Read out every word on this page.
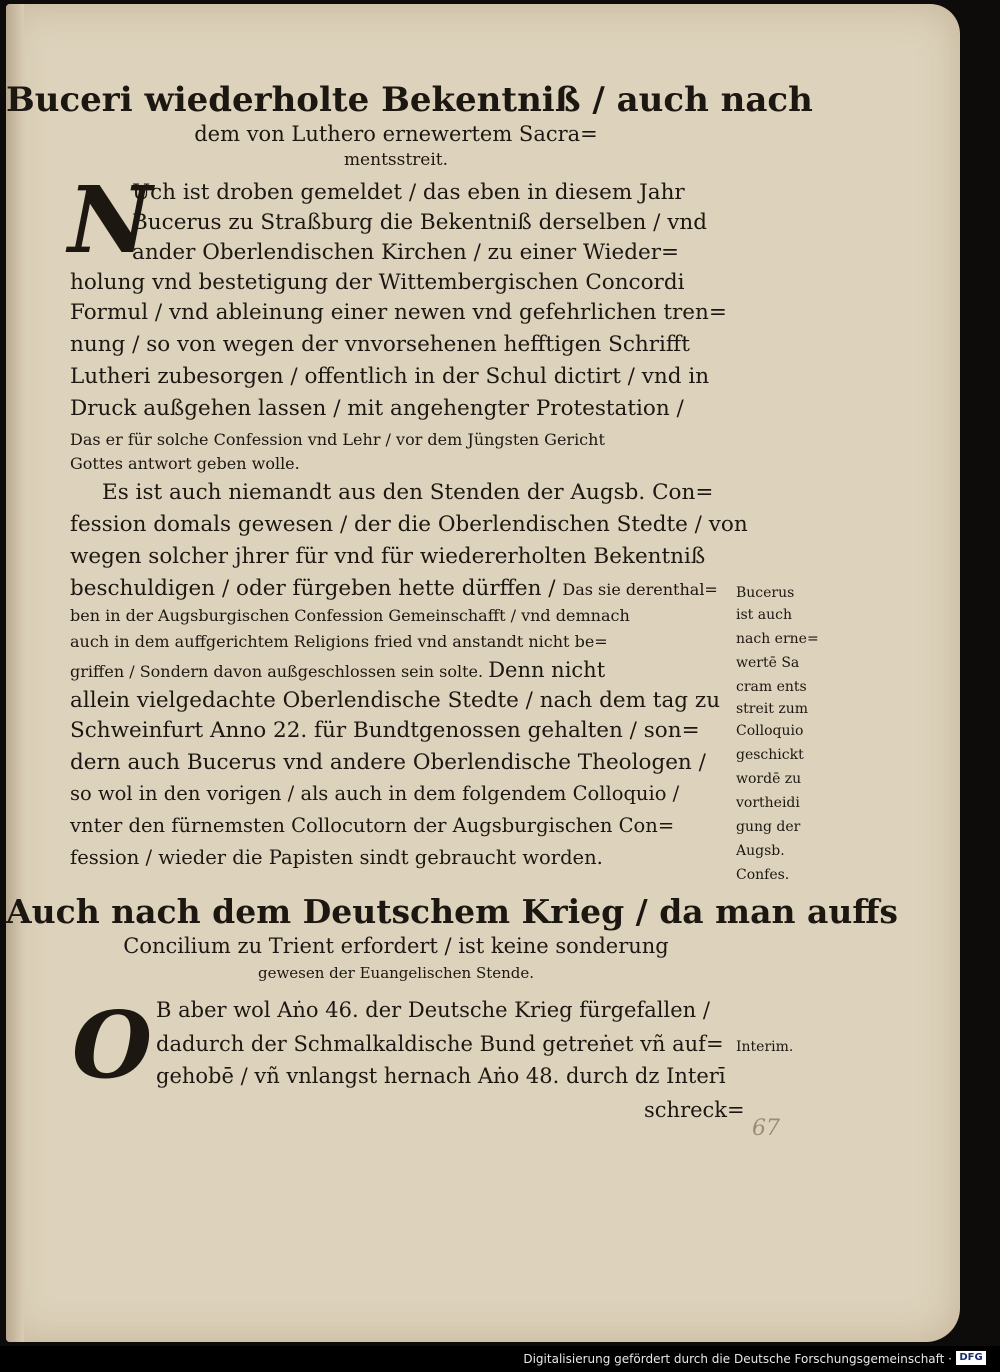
Buceri wiederholte Bekentniß / auch nach
dem von Luthero ernewertem Sacra=
mentsstreit.
N
Uch ist droben gemeldet / das eben in diesem Jahr
Bucerus zu Straßburg die Bekentniß derselben / vnd
ander Oberlendischen Kirchen / zu einer Wieder=
holung vnd bestetigung der Wittembergischen Concordi
Formul / vnd ableinung einer newen vnd gefehrlichen tren=
nung / so von wegen der vnvorsehenen hefftigen Schrifft
Lutheri zubesorgen / offentlich in der Schul dictirt / vnd in
Druck außgehen lassen / mit angehengter Protestation /
Das er für solche Confession vnd Lehr / vor dem Jüngsten Gericht
Gottes antwort geben wolle.
Es ist auch niemandt aus den Stenden der Augsb. Con=
fession domals gewesen / der die Oberlendischen Stedte / von
wegen solcher jhrer für vnd für wiedererholten Bekentniß
beschuldigen / oder fürgeben hette dürffen / Das sie derenthal=
ben in der Augsburgischen Confession Gemeinschafft / vnd demnach
auch in dem auffgerichtem Religions fried vnd anstandt nicht be=
griffen / Sondern davon außgeschlossen sein solte. Denn nicht
allein vielgedachte Oberlendische Stedte / nach dem tag zu
Schweinfurt Anno 22. für Bundtgenossen gehalten / son=
dern auch Bucerus vnd andere Oberlendische Theologen /
so wol in den vorigen / als auch in dem folgendem Colloquio /
vnter den fürnemsten Collocutorn der Augsburgischen Con=
fession / wieder die Papisten sindt gebraucht worden.
Bucerus
ist auch
nach erne=
wertē Sa
cram ents
streit zum
Colloquio
geschickt
wordē zu
vortheidi
gung der
Augsb.
Confes.
Auch nach dem Deutschem Krieg / da man auffs
Concilium zu Trient erfordert / ist keine sonderung
gewesen der Euangelischen Stende.
O B aber wol Aṅo 46. der Deutsche Krieg fürgefallen /
dadurch der Schmalkaldische Bund getreṅet vñ auf=
gehobē / vñ vnlangst hernach Aṅo 48. durch dz Interī
schreck=
Interim.
67
Digitalisierung gefördert durch die Deutsche Forschungsgemeinschaft · DFG
